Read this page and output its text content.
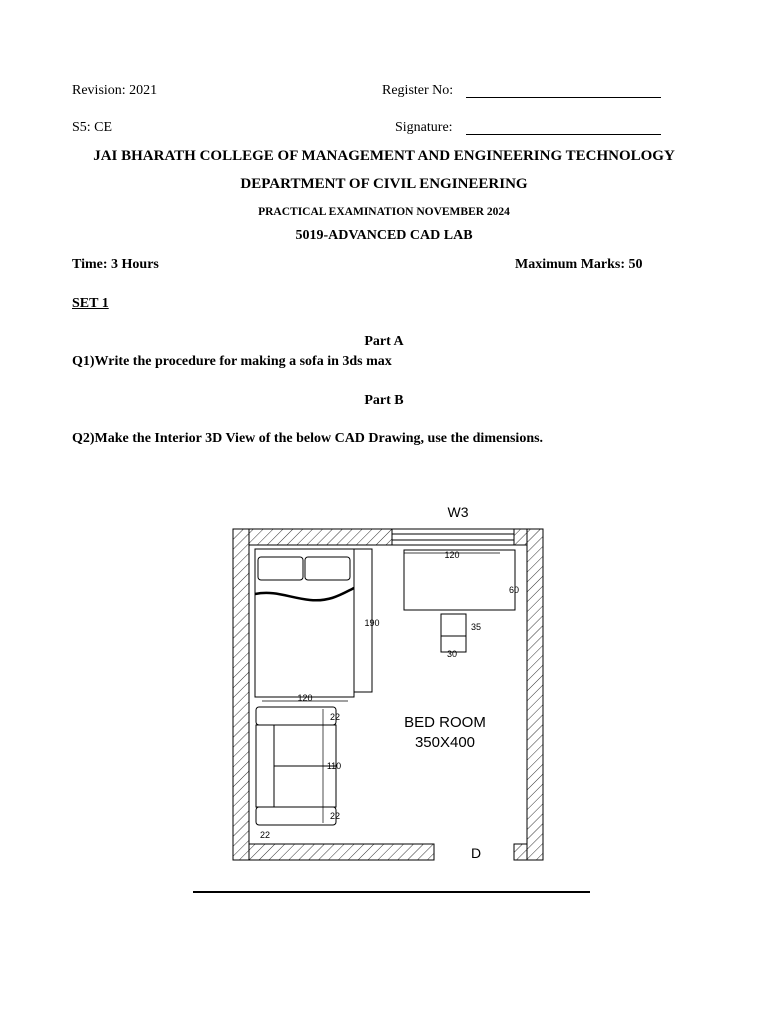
Revision: 2021	Register No:
S5: CE	Signature:
JAI BHARATH COLLEGE OF MANAGEMENT AND ENGINEERING TECHNOLOGY
DEPARTMENT OF CIVIL ENGINEERING
PRACTICAL EXAMINATION NOVEMBER 2024
5019-ADVANCED CAD LAB
Time: 3 Hours	Maximum Marks: 50
SET 1
Part A
Q1)Write the procedure for making a sofa in 3ds max
Part B
Q2)Make the Interior 3D View of the below CAD Drawing, use the dimensions.
W3
D
190
120
120
60
35
30
22
110
22
22
BED ROOM
350X400
